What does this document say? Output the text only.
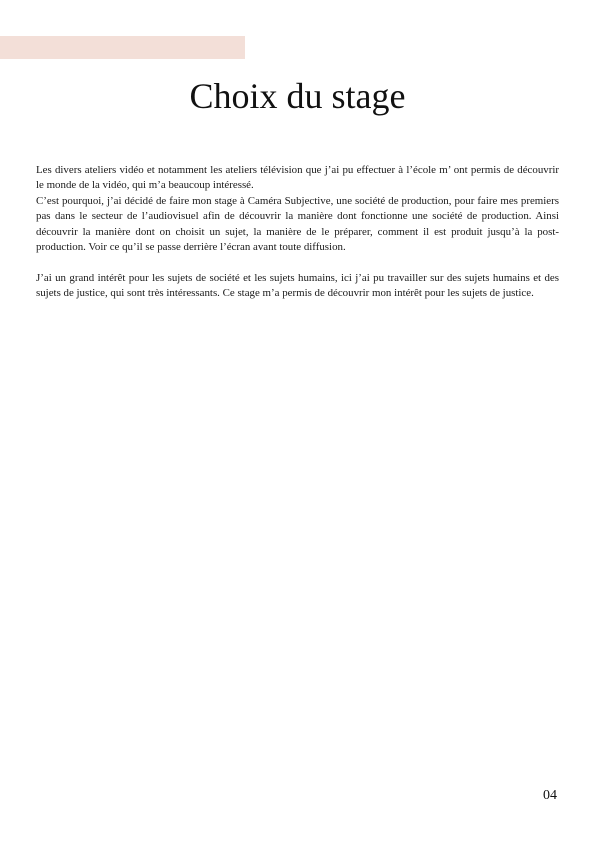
Choix du stage

Les divers ateliers vidéo et notamment les ateliers télévision que j’ai pu effectuer à l’école m’ ont permis de découvrir le monde de la vidéo, qui m’a beaucoup intéressé.

C’est pourquoi, j’ai décidé de faire mon stage à Caméra Subjective, une société de production, pour faire mes premiers pas dans le secteur de l’audiovisuel afin de découvrir la manière dont fonctionne une société de production. Ainsi découvrir la manière dont on choisit un sujet, la manière de le préparer, comment il est produit jusqu’à la post-production. Voir ce qu’il se passe derrière l’écran avant toute diffusion.

J’ai un grand intérêt pour les sujets de société et les sujets humains, ici j’ai pu travailler sur des sujets humains et des sujets de justice, qui sont très intéressants. Ce stage m’a permis de découvrir mon intérêt pour les sujets de justice.

04
